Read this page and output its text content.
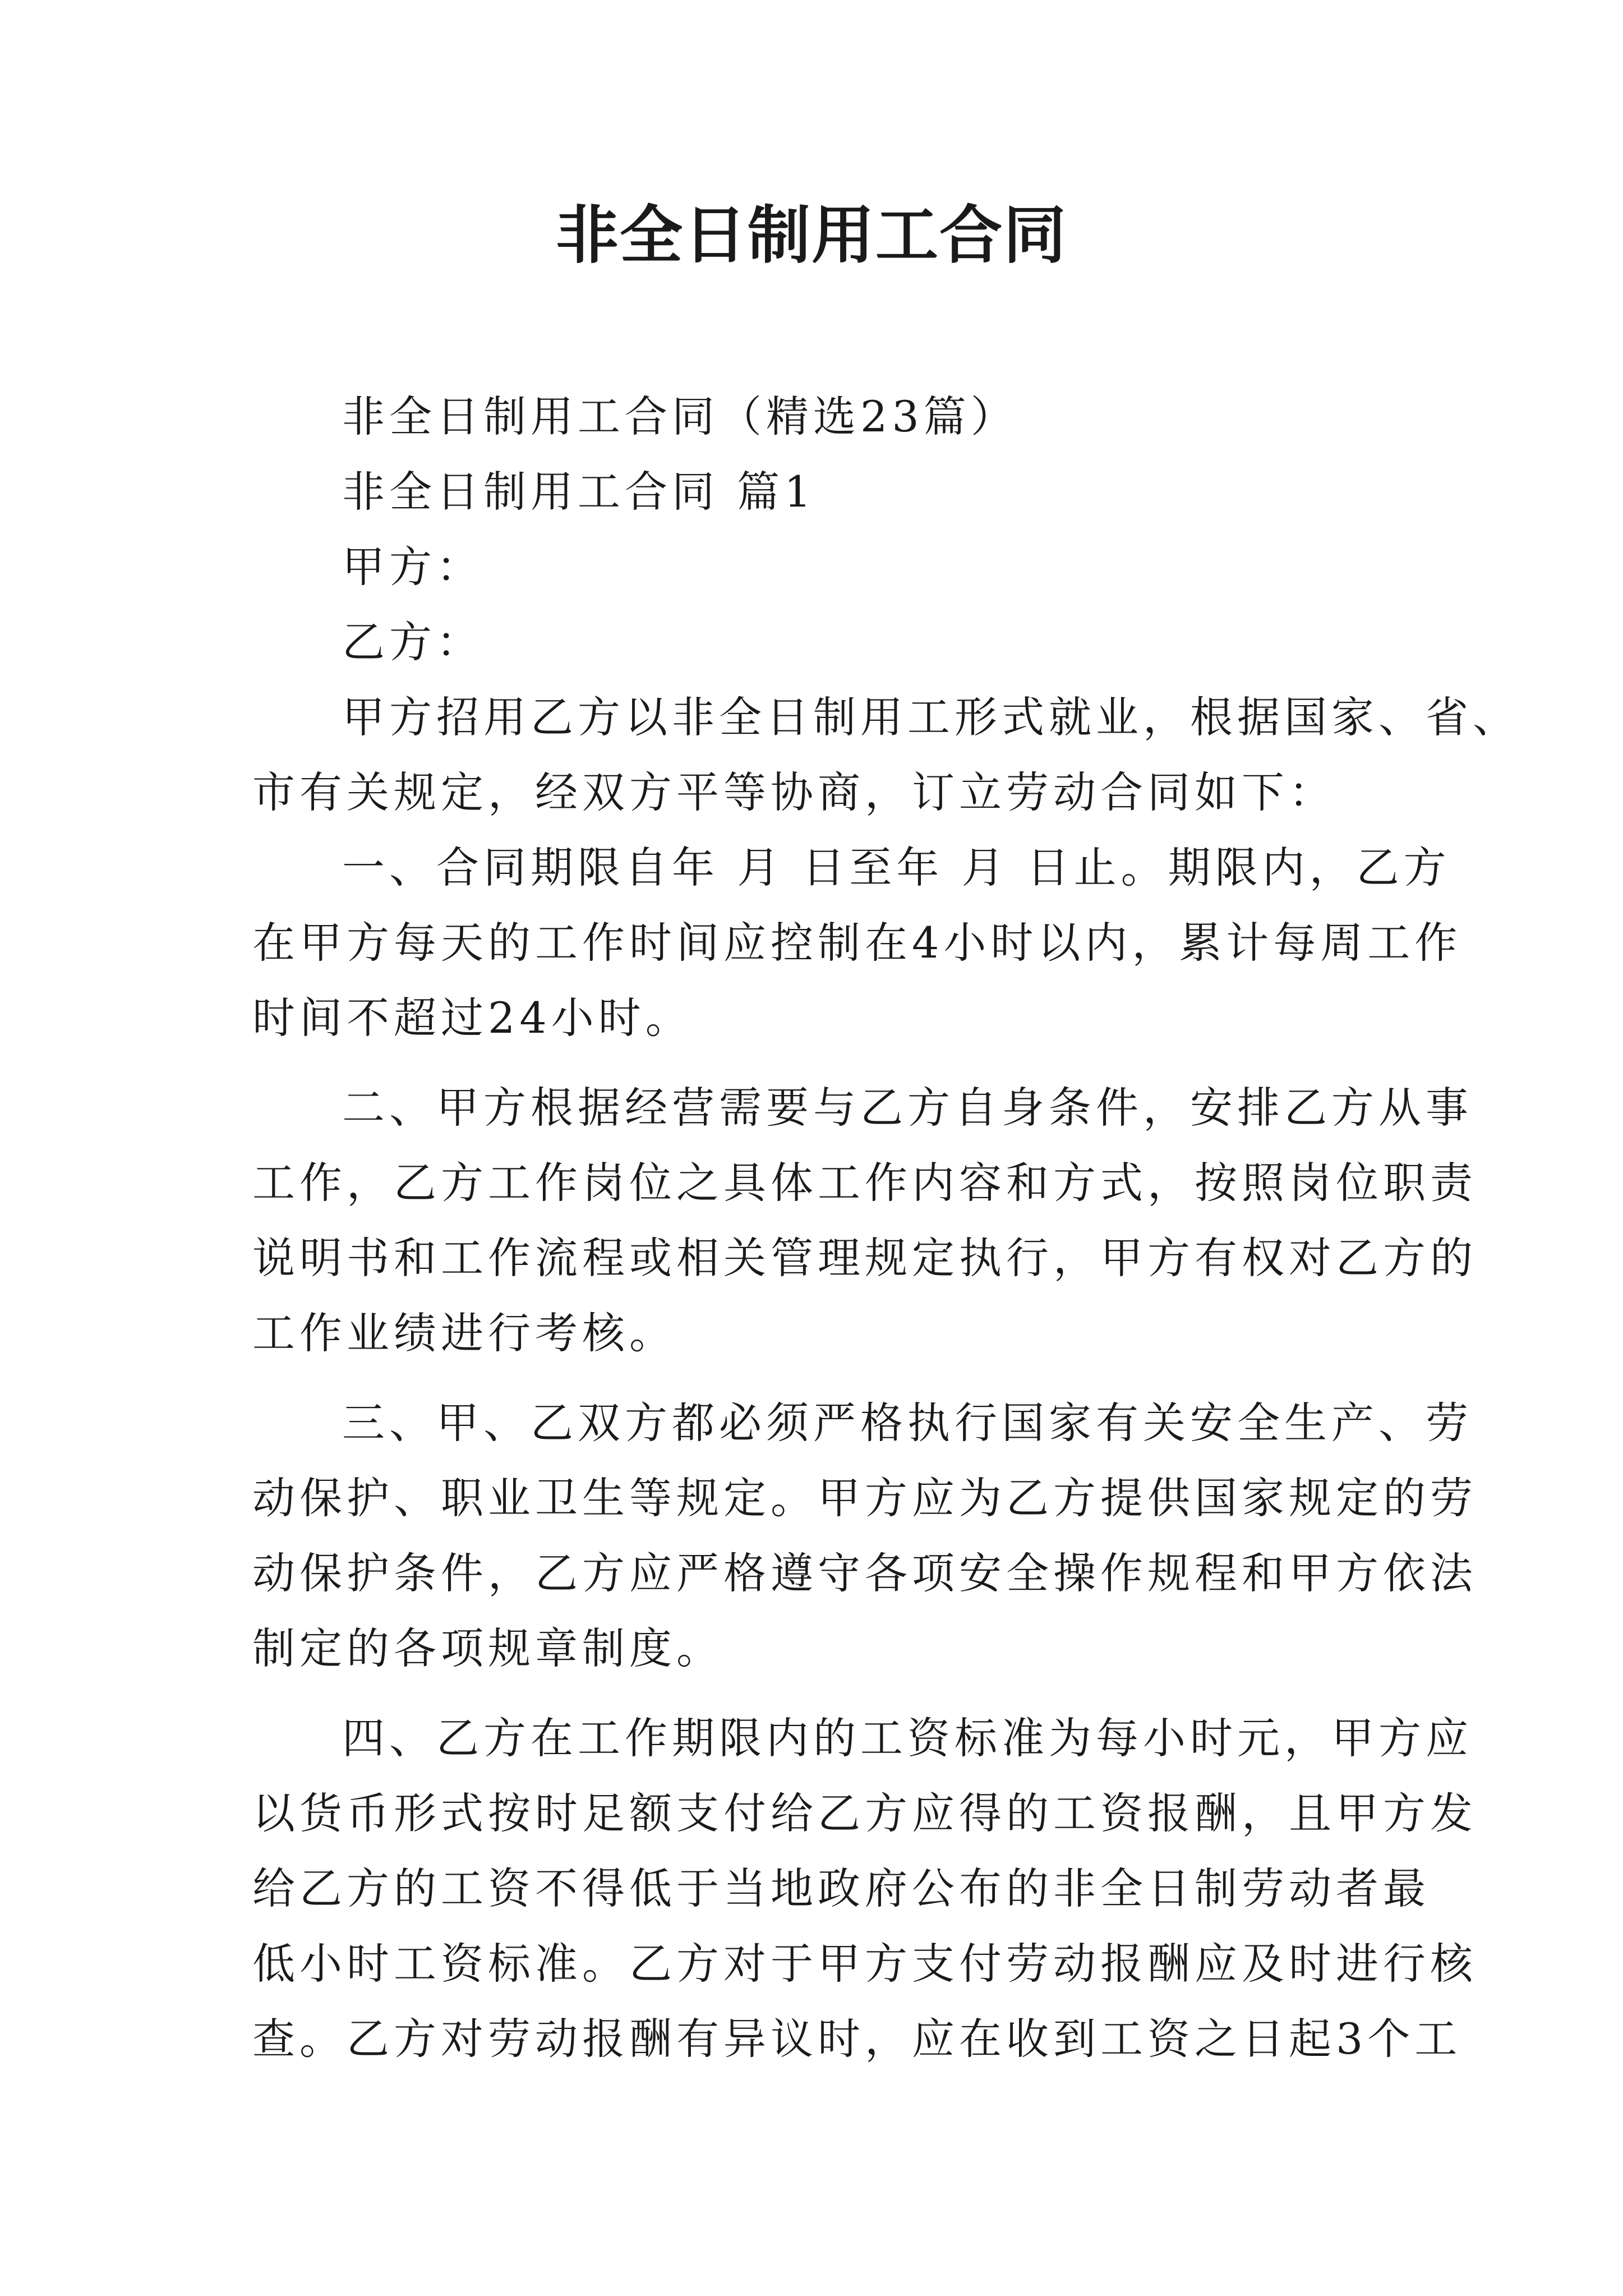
非全日制用工合同
非全日制用工合同（精选23篇）
非全日制用工合同 篇1
甲方：
乙方：
甲方招用乙方以非全日制用工形式就业，根据国家、省、
市有关规定，经双方平等协商，订立劳动合同如下：
一、合同期限自年 月 日至年 月 日止。期限内，乙方
在甲方每天的工作时间应控制在4小时以内，累计每周工作
时间不超过24小时。
二、甲方根据经营需要与乙方自身条件，安排乙方从事
工作，乙方工作岗位之具体工作内容和方式，按照岗位职责
说明书和工作流程或相关管理规定执行，甲方有权对乙方的
工作业绩进行考核。
三、甲、乙双方都必须严格执行国家有关安全生产、劳
动保护、职业卫生等规定。甲方应为乙方提供国家规定的劳
动保护条件，乙方应严格遵守各项安全操作规程和甲方依法
制定的各项规章制度。
四、乙方在工作期限内的工资标准为每小时元，甲方应
以货币形式按时足额支付给乙方应得的工资报酬，且甲方发
给乙方的工资不得低于当地政府公布的非全日制劳动者最
低小时工资标准。乙方对于甲方支付劳动报酬应及时进行核
查。乙方对劳动报酬有异议时，应在收到工资之日起3个工
